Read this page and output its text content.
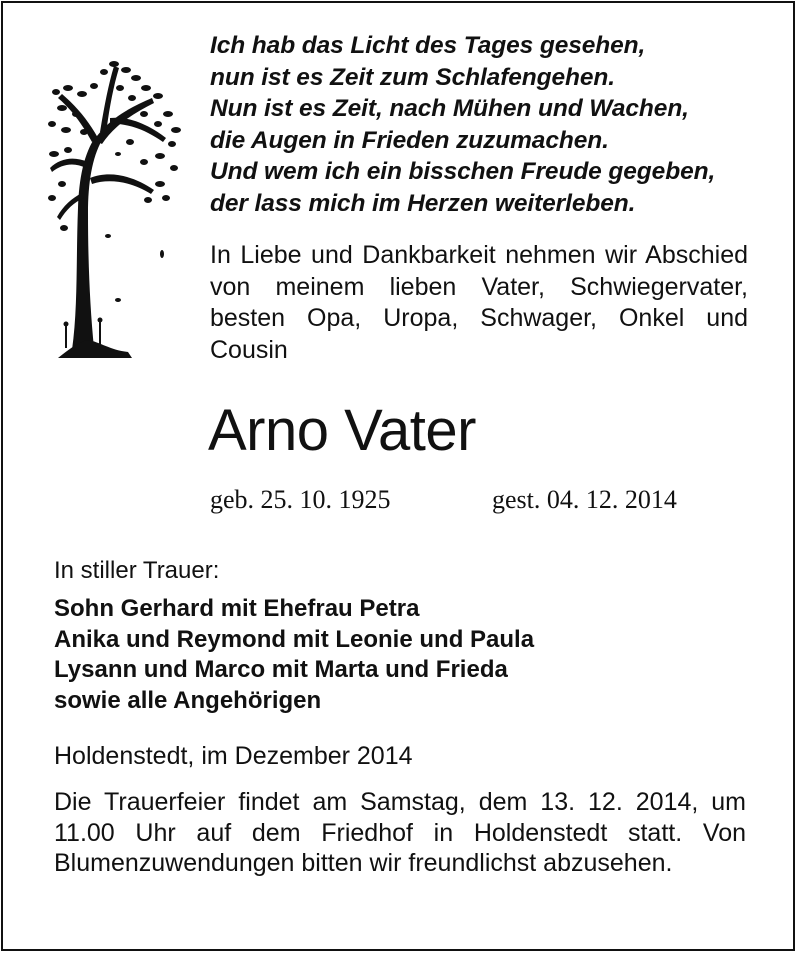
Ich hab das Licht des Tages gesehen,
nun ist es Zeit zum Schlafengehen.
Nun ist es Zeit, nach Mühen und Wachen,
die Augen in Frieden zuzumachen.
Und wem ich ein bisschen Freude gegeben,
der lass mich im Herzen weiterleben.
In Liebe und Dankbarkeit nehmen wir Abschied von meinem lieben Vater, Schwiegervater, besten Opa, Uropa, Schwager, Onkel und Cousin
Arno Vater
geb. 25. 10. 1925	gest. 04. 12. 2014
In stiller Trauer:
Sohn Gerhard mit Ehefrau Petra
Anika und Reymond mit Leonie und Paula
Lysann und Marco mit Marta und Frieda
sowie alle Angehörigen
Holdenstedt, im Dezember 2014
Die Trauerfeier findet am Samstag, dem 13. 12. 2014, um 11.00 Uhr auf dem Friedhof in Holdenstedt statt. Von Blumenzuwendungen bitten wir freundlichst abzusehen.
